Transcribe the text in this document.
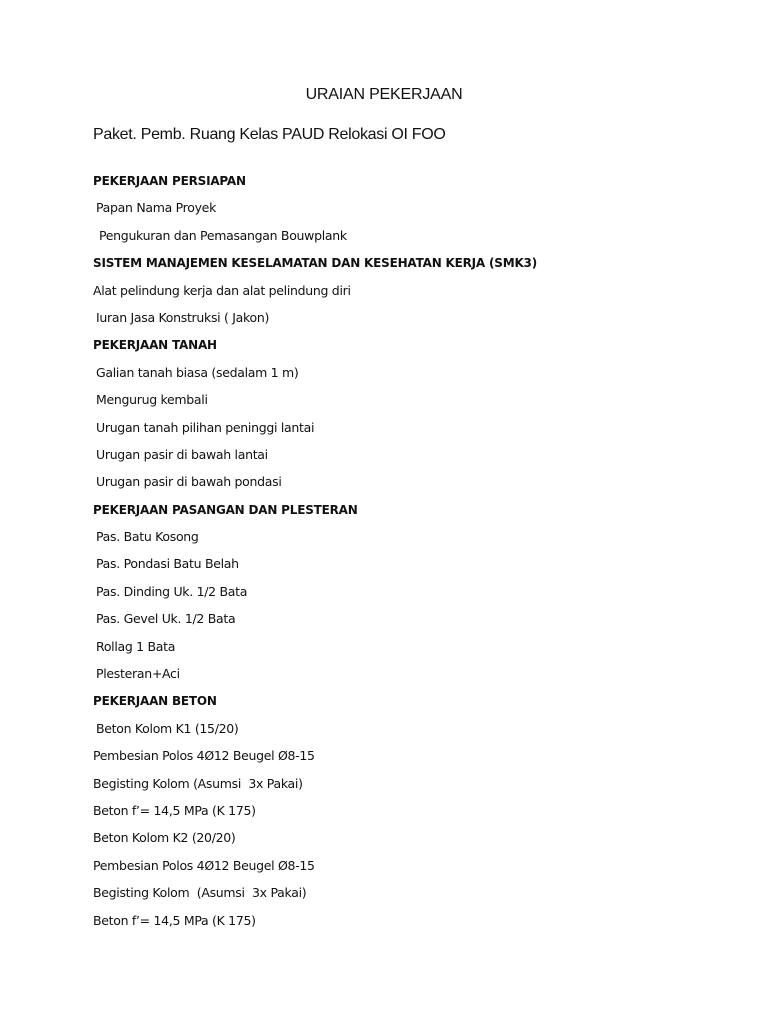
URAIAN PEKERJAAN
Paket. Pemb. Ruang Kelas PAUD Relokasi OI FOO
PEKERJAAN PERSIAPAN
Papan Nama Proyek
Pengukuran dan Pemasangan Bouwplank
SISTEM MANAJEMEN KESELAMATAN DAN KESEHATAN KERJA (SMK3)
Alat pelindung kerja dan alat pelindung diri
Iuran Jasa Konstruksi ( Jakon)
PEKERJAAN TANAH
Galian tanah biasa (sedalam 1 m)
Mengurug kembali
Urugan tanah pilihan peninggi lantai
Urugan pasir di bawah lantai
Urugan pasir di bawah pondasi
PEKERJAAN PASANGAN DAN PLESTERAN
Pas. Batu Kosong
Pas. Pondasi Batu Belah
Pas. Dinding Uk. 1/2 Bata
Pas. Gevel Uk. 1/2 Bata
Rollag 1 Bata
Plesteran+Aci
PEKERJAAN BETON
Beton Kolom K1 (15/20)
Pembesian Polos 4Ø12 Beugel Ø8-15
Begisting Kolom (Asumsi  3x Pakai)
Beton f’= 14,5 MPa (K 175)
Beton Kolom K2 (20/20)
Pembesian Polos 4Ø12 Beugel Ø8-15
Begisting Kolom  (Asumsi  3x Pakai)
Beton f’= 14,5 MPa (K 175)
